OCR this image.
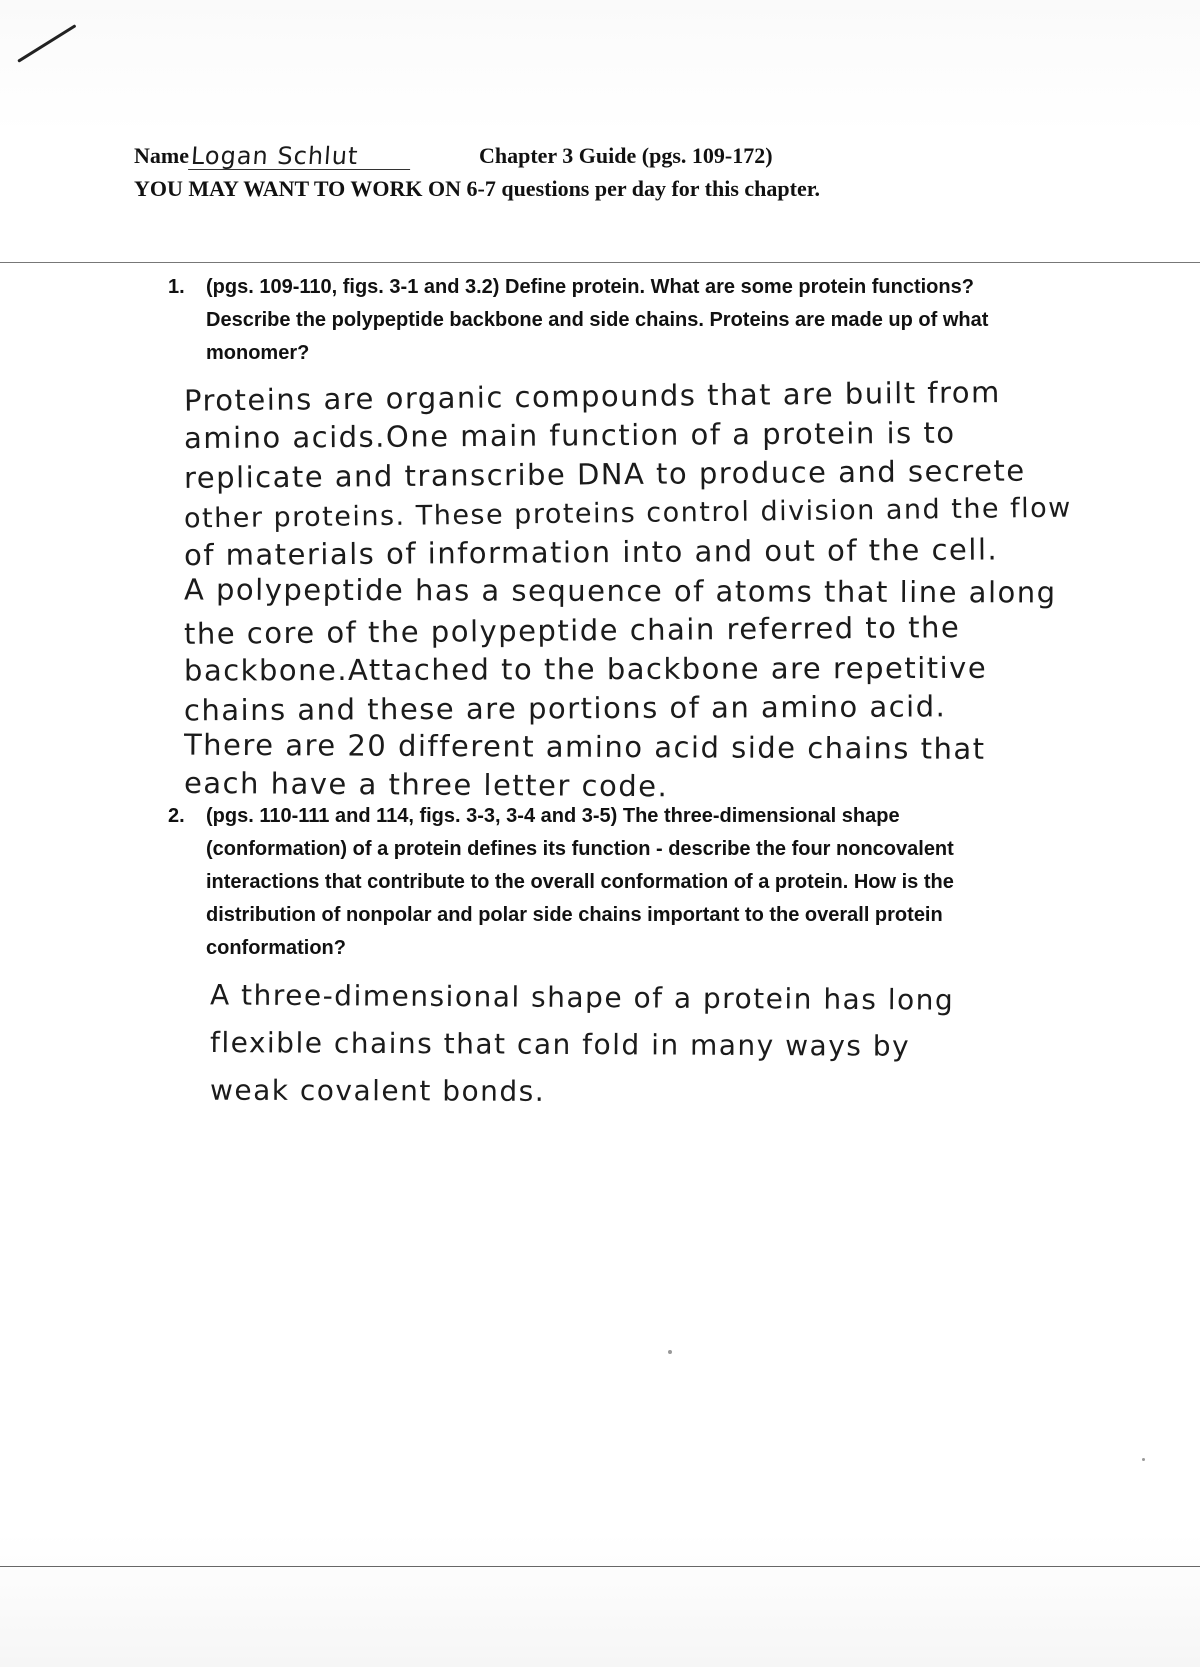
Name Logan Schlut	Chapter 3 Guide (pgs. 109-172)
YOU MAY WANT TO WORK ON 6-7 questions per day for this chapter.
1.	(pgs. 109-110, figs. 3-1 and 3.2) Define protein. What are some protein functions? Describe the polypeptide backbone and side chains. Proteins are made up of what monomer?
Proteins are organic compounds that are built from
amino acids.One main function of a protein is to
replicate and transcribe DNA to produce and secrete
other proteins. These proteins control division and the flow
of materials of information into and out of the cell.
A polypeptide has a sequence of atoms that line along
the core of the polypeptide chain referred to the
backbone.Attached to the backbone are repetitive
chains and these are portions of an amino acid.
There are 20 different amino acid side chains that
each have a three letter code.
2.	(pgs. 110-111 and 114, figs. 3-3, 3-4 and 3-5) The three-dimensional shape (conformation) of a protein defines its function - describe the four noncovalent interactions that contribute to the overall conformation of a protein. How is the distribution of nonpolar and polar side chains important to the overall protein conformation?
A three-dimensional shape of a protein has long
flexible chains that can fold in many ways by
weak covalent bonds.
